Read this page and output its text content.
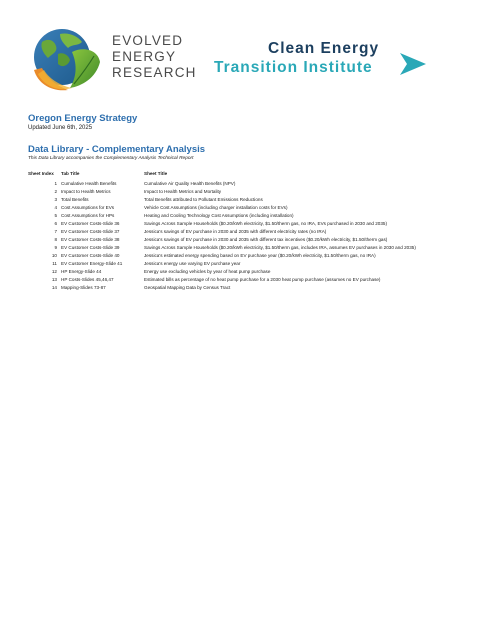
EVOLVED
ENERGY
RESEARCH
Clean Energy
Transition Institute
Oregon Energy Strategy
Updated June 6th, 2025
Data Library - Complementary Analysis
This Data Library accompanies the Complementary Analysis Technical Report
Sheet Index	Tab Title	Sheet Title
1	Cumulative Health Benefits	Cumulative Air Quality Health Benefits (NPV)
2	Impact to Health Metrics	Impact to Health Metrics and Mortality
3	Total Benefits	Total Benefits attributed to Pollutant Emissions Reductions
4	Cost Assumptions for EVs	Vehicle Cost Assumptions (including charger installation costs for EVs)
5	Cost Assumptions for HPs	Heating and Cooling Technology Cost Assumptions (including installation)
6	EV Customer Costs-Slide 36	Savings Across Sample Households ($0.20/kWh electricity, $1.50/therm gas, no IRA, EVs purchased in 2030 and 2035)
7	EV Customer Costs-Slide 37	Jessica's savings of EV purchase in 2030 and 2035 with different electricity rates (no IRA)
8	EV Customer Costs-Slide 38	Jessica's savings of EV purchase in 2030 and 2035 with different tax incentives ($0.20/kWh electricity, $1.50/therm gas)
9	EV Customer Costs-Slide 39	Savings Across Sample Households ($0.20/kWh electricity, $1.50/therm gas, includes IRA, assumes EV purchases in 2030 and 2035)
10	EV Customer Costs-Slide 40	Jessica's estimated energy spending based on EV purchase year ($0.20/kWh electricity, $1.50/therm gas, no IRA)
11	EV Customer Energy-Slide 41	Jessica's energy use varying EV purchase year
12	HP Energy-Slide 44	Energy use excluding vehicles by year of heat pump purchase
13	HP Costs-Slides 45,46,47	Estimated bills as percentage of no heat pump purchase for a 2030 heat pump purchase (assumes no EV purchase)
14	Mapping-Slides 73-87	Geospatial Mapping Data by Census Tract
